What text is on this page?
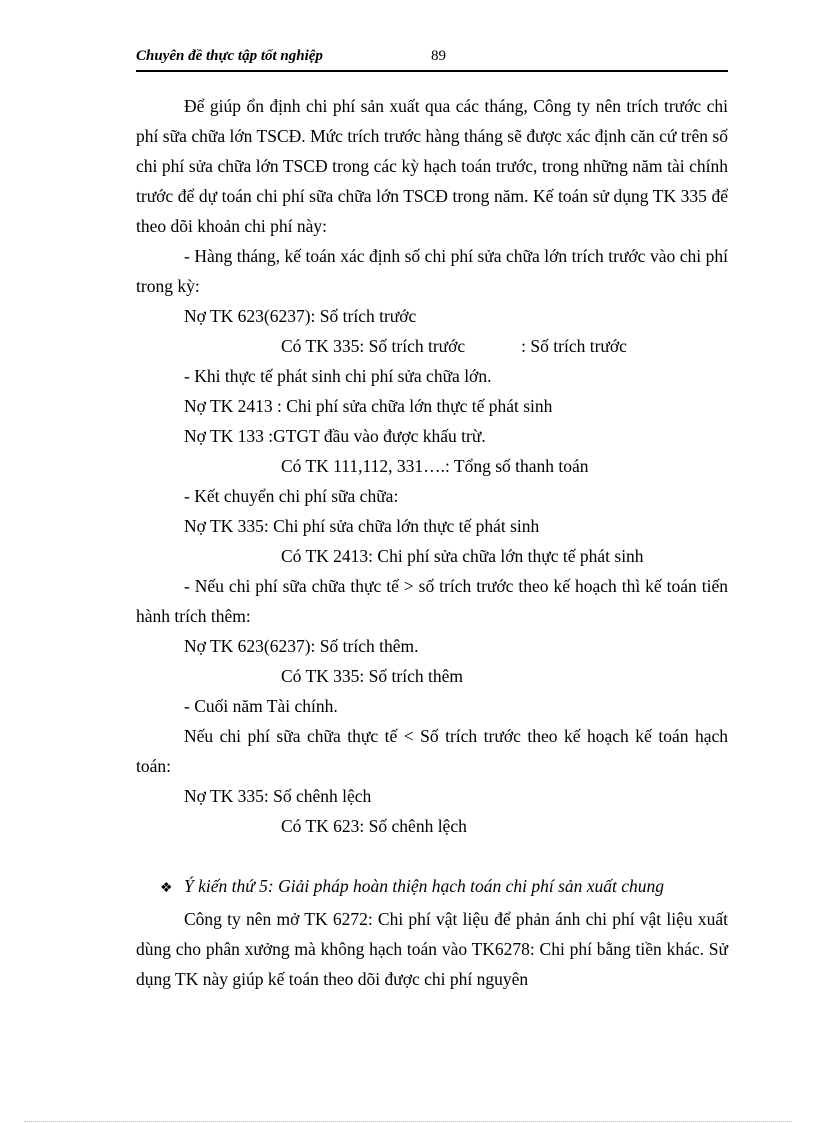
Chuyên đề thực tập tốt nghiệp	89

Để giúp ổn định chi phí sản xuất qua các tháng, Công ty nên trích trước chi phí sữa chữa lớn TSCĐ. Mức trích trước hàng tháng sẽ được xác định căn cứ trên số chi phí sửa chữa lớn TSCĐ trong các kỳ hạch toán trước, trong những năm tài chính trước để dự toán chi phí sữa chữa lớn TSCĐ trong năm. Kế toán sử dụng TK 335 để theo dõi khoản chi phí này:

- Hàng tháng, kế toán xác định số chi phí sửa chữa lớn trích trước vào chi phí trong kỳ:

Nợ TK 623(6237): Số trích trước

Có TK 335: Số trích trước	: Số trích trước

- Khi thực tế phát sinh chi phí sửa chữa lớn.

Nợ TK 2413 : Chi phí sửa chữa lớn thực tế phát sinh

Nợ TK 133 :GTGT đầu vào được khấu trừ.

Có TK 111,112, 331….: Tổng số thanh toán

- Kết chuyển chi phí sữa chữa:

Nợ TK 335: Chi phí sửa chữa lớn thực tế phát sinh

Có TK 2413: Chi phí sửa chữa lớn thực tế phát sinh

- Nếu chi phí sữa chữa thực tế > số trích trước theo kế hoạch thì kế toán tiến hành trích thêm:

Nợ TK 623(6237): Số trích thêm.

Có TK 335: Số trích thêm

- Cuối năm Tài chính.

Nếu chi phí sữa chữa thực tế < Số trích trước theo kế hoạch kế toán hạch toán:

Nợ TK 335: Số chênh lệch

Có TK 623: Số chênh lệch

❖ Ý kiến thứ 5: Giải pháp hoàn thiện hạch toán chi phí sản xuất chung

Công ty nên mở TK 6272: Chi phí vật liệu để phản ánh chi phí vật liệu xuất dùng cho phân xưởng mà không hạch toán vào TK6278: Chi phí bằng tiền khác. Sử dụng TK này giúp kế toán theo dõi được chi phí nguyên
